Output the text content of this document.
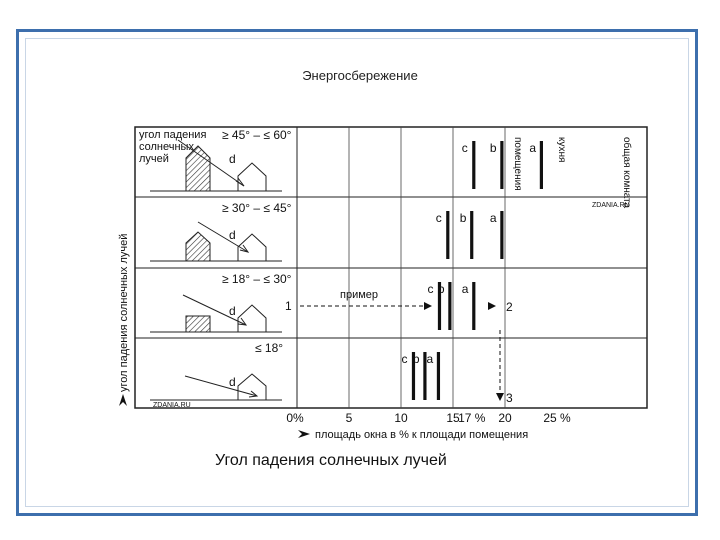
Энергосбережение
угол падения
солнечных
лучей
≥ 45° – ≤ 60°
≥ 30° – ≤ 45°
≥ 18° – ≤ 30°
≤ 18°
d
d
d
d
ZDANIA.RU
ZDANIA.RU
помещения	кухня	общая комната
c b	a
c b a
c b a
c b a
пример
1	2
3
0%	5	10	15
17 % 20	25 %
площадь окна в % к площади помещения
угол падения солнечных лучей
Угол падения солнечных лучей
